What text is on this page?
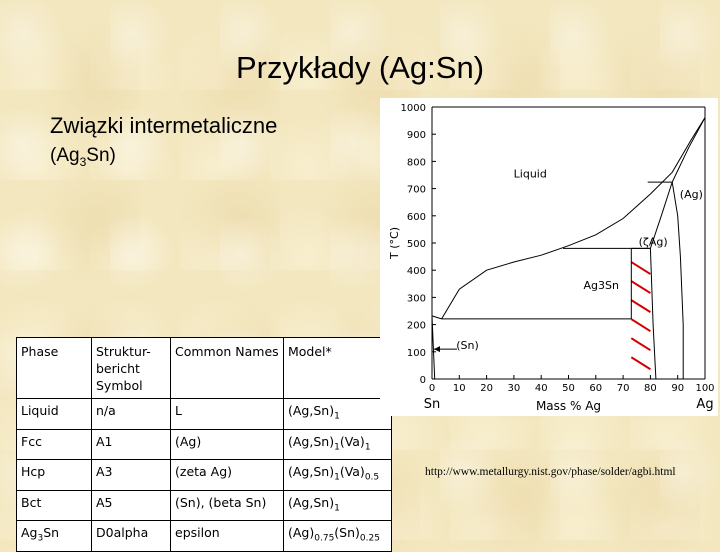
Przykłady (Ag:Sn)
Związki intermetaliczne
$(Ag_3Sn)$
Phase	Struktur-bericht Symbol	Common Names	Model*
Liquid	n/a	L	$(Ag,Sn)_1$
Fcc	A1	(Ag)	$(Ag,Sn)_1(Va)_1$
Hcp	A3	(zeta Ag)	$(Ag,Sn)_1(Va)_{0.5}$
Bct	A5	(Sn), (beta Sn)	$(Ag,Sn)_1$
$Ag_3Sn$	D0alpha	epsilon	$(Ag)_{0.75}(Sn)_{0.25}$
0
100
200
300
400
500
600
700
800
900
1000
0 10 20 30 40 50 60 70 80 90 100
Sn	Ag
Mass % Ag
T (°C)
Liquid
(Ag)
(ζAg)
Ag3Sn
(Sn)
http://www.metallurgy.nist.gov/phase/solder/agbi.html
